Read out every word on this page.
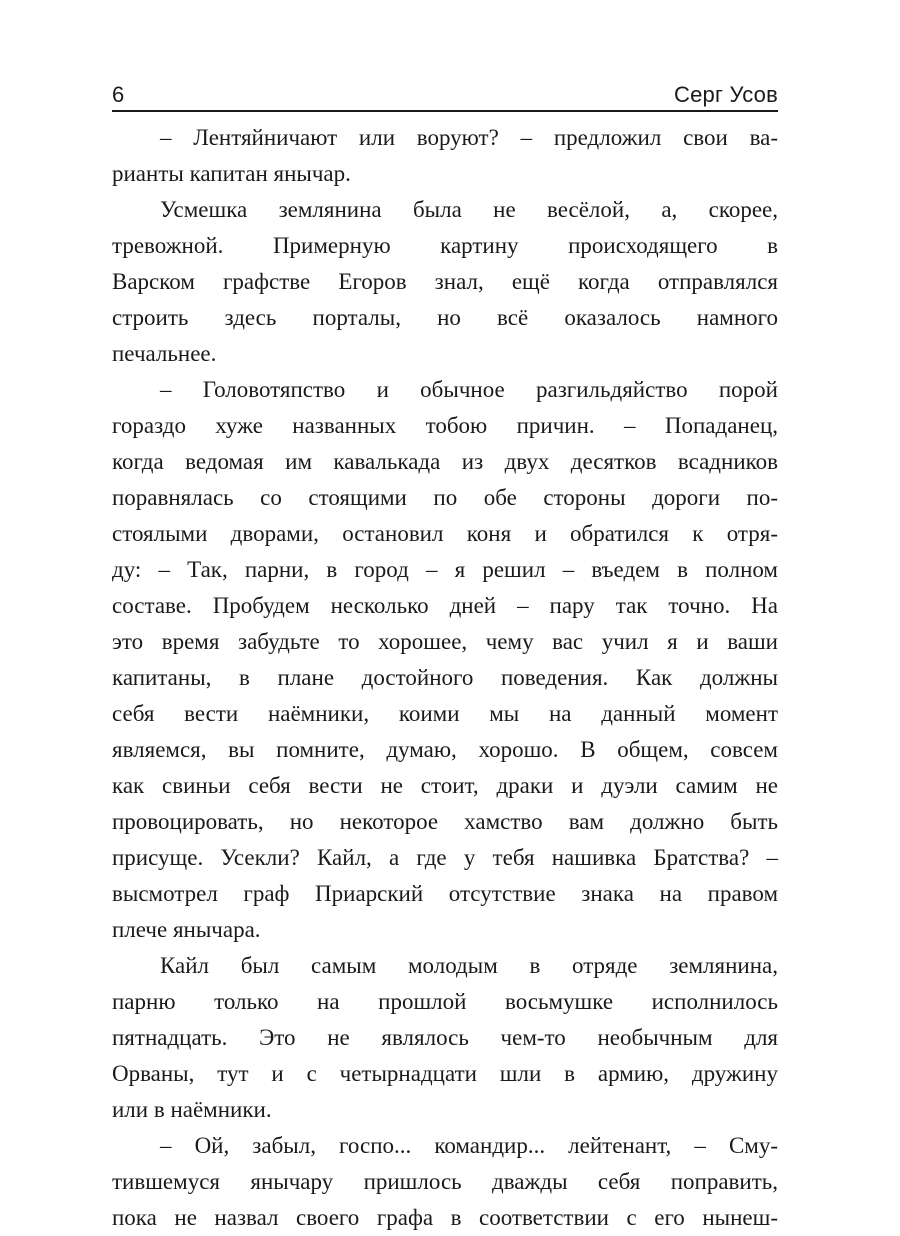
6	Серг Усов
– Лентяйничают или воруют? – предложил свои ва-
рианты капитан янычар.
Усмешка землянина была не весёлой, а, скорее,
тревожной. Примерную картину происходящего в
Варском графстве Егоров знал, ещё когда отправлялся
строить здесь порталы, но всё оказалось намного
печальнее.
– Головотяпство и обычное разгильдяйство порой
гораздо хуже названных тобою причин. – Попаданец,
когда ведомая им кавалькада из двух десятков всадников
поравнялась со стоящими по обе стороны дороги по-
стоялыми дворами, остановил коня и обратился к отря-
ду: – Так, парни, в город – я решил – въедем в полном
составе. Пробудем несколько дней – пару так точно. На
это время забудьте то хорошее, чему вас учил я и ваши
капитаны, в плане достойного поведения. Как должны
себя вести наёмники, коими мы на данный момент
являемся, вы помните, думаю, хорошо. В общем, совсем
как свиньи себя вести не стоит, драки и дуэли самим не
провоцировать, но некоторое хамство вам должно быть
присуще. Усекли? Кайл, а где у тебя нашивка Братства? –
высмотрел граф Приарский отсутствие знака на правом
плече янычара.
Кайл был самым молодым в отряде землянина,
парню только на прошлой восьмушке исполнилось
пятнадцать. Это не являлось чем-то необычным для
Орваны, тут и с четырнадцати шли в армию, дружину
или в наёмники.
– Ой, забыл, госпо... командир... лейтенант, – Сму-
тившемуся янычару пришлось дважды себя поправить,
пока не назвал своего графа в соответствии с его нынеш-
